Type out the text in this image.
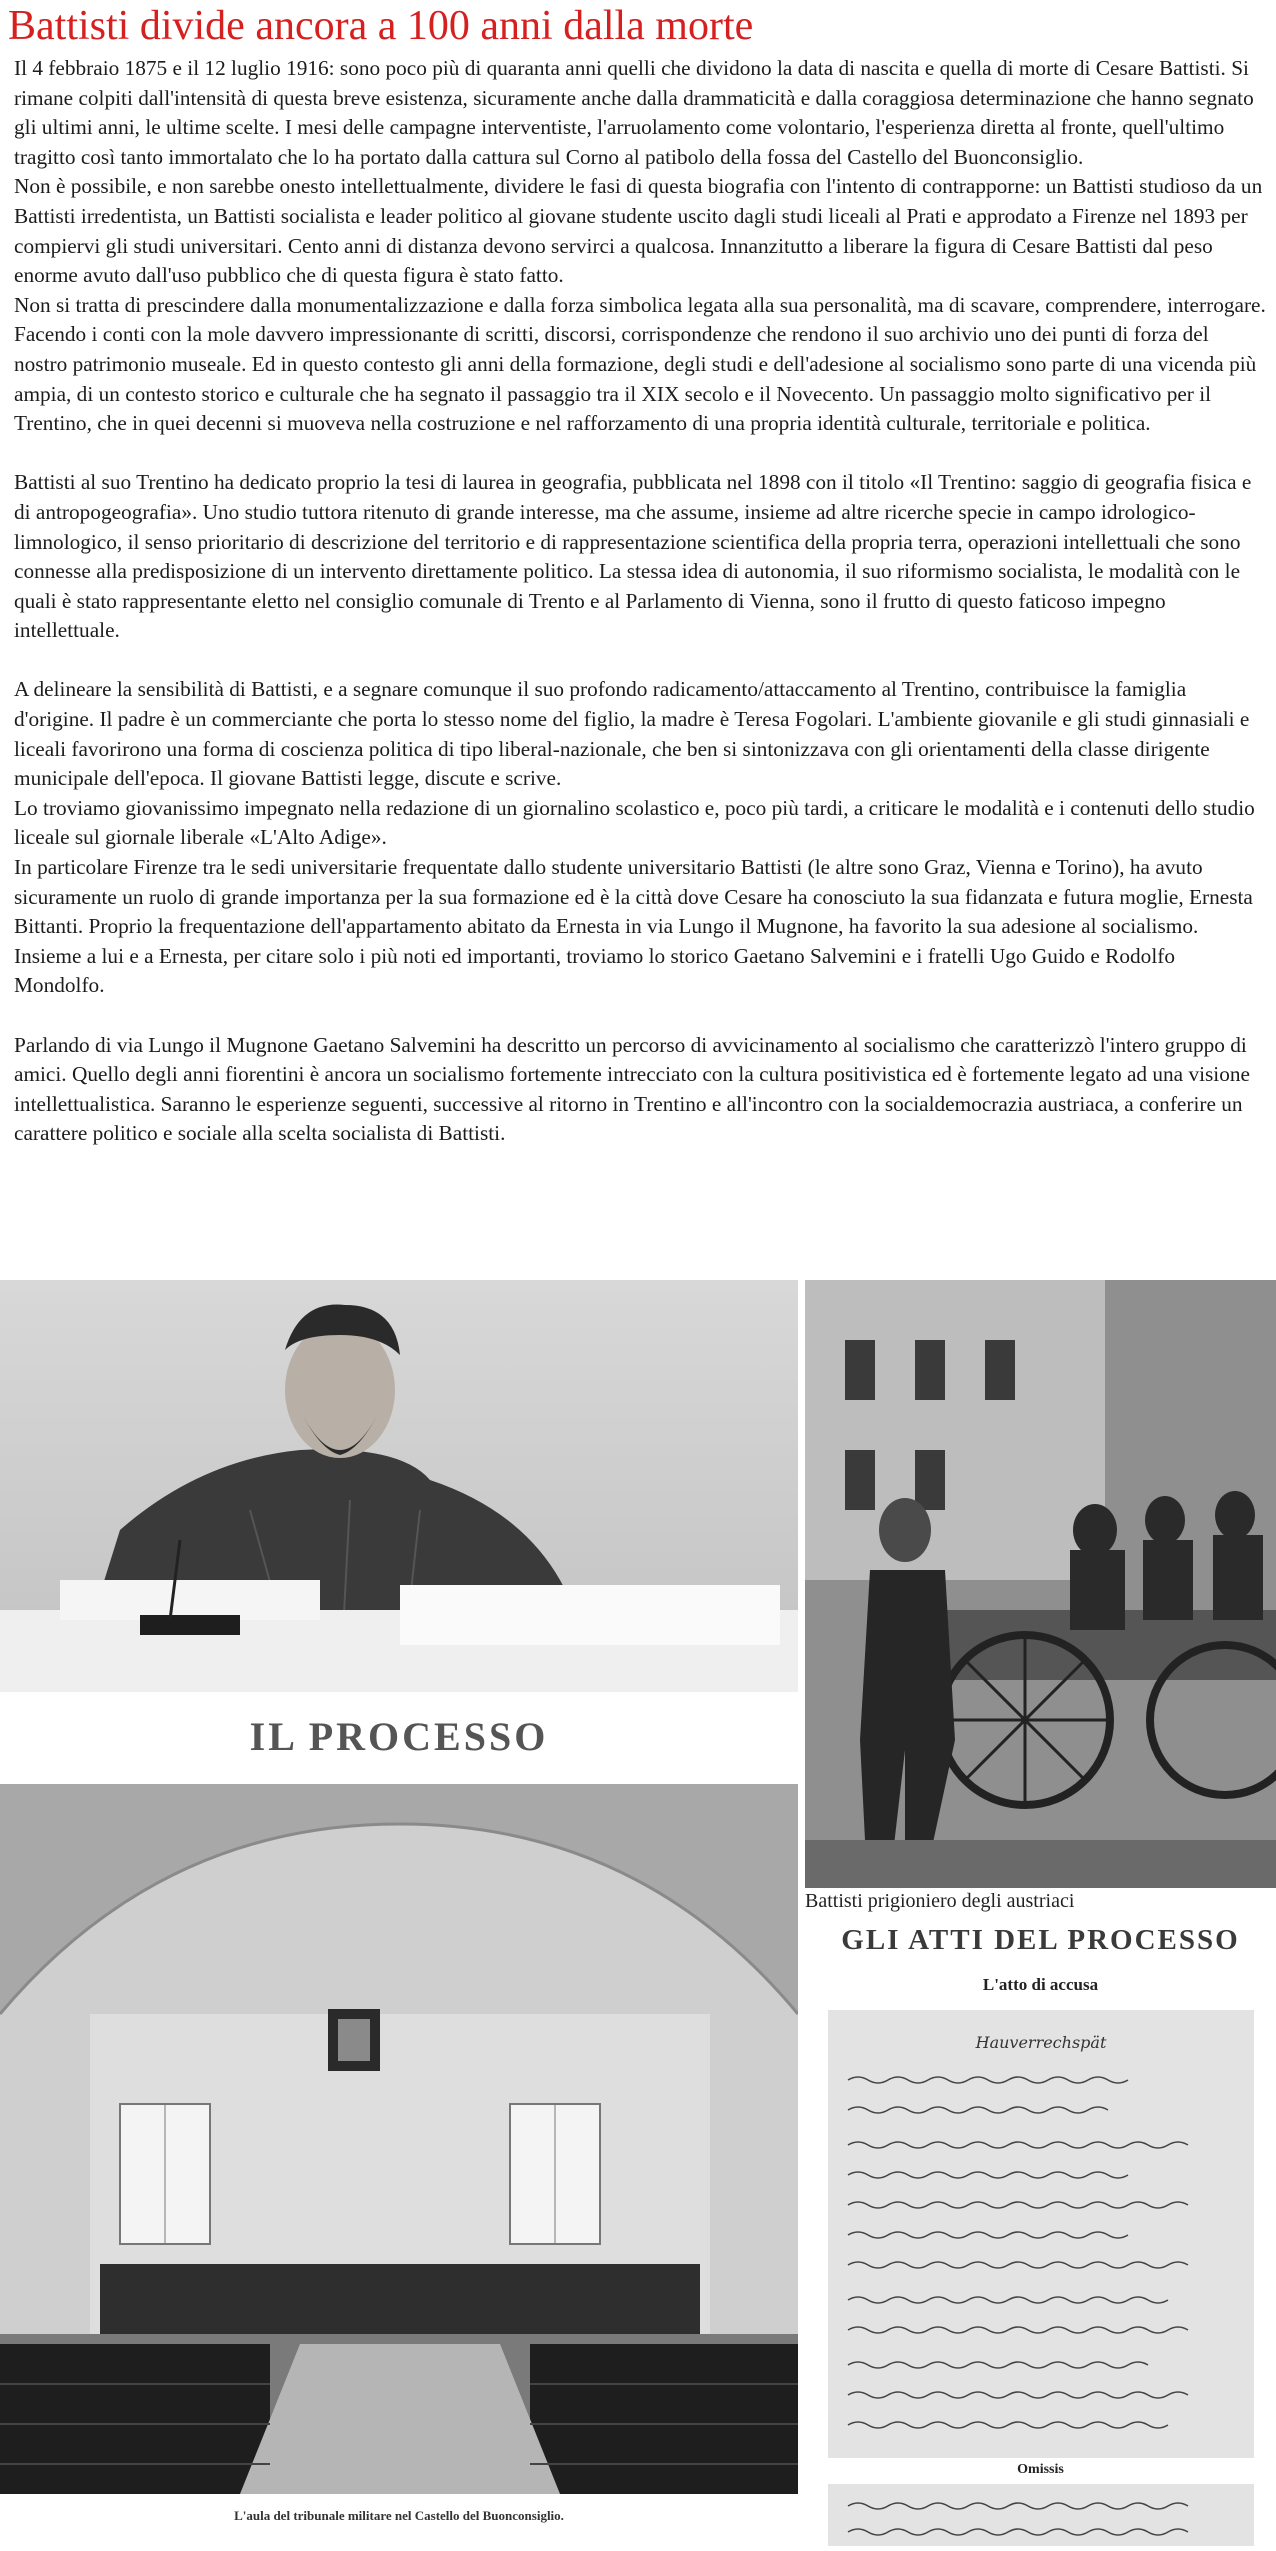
Battisti divide ancora a 100 anni dalla morte

Il 4 febbraio 1875 e il 12 luglio 1916: sono poco più di quaranta anni quelli che dividono la data di nascita e quella di morte di Cesare Battisti. Si rimane colpiti dall'intensità di questa breve esistenza, sicuramente anche dalla drammaticità e dalla coraggiosa determinazione che hanno segnato gli ultimi anni, le ultime scelte. I mesi delle campagne interventiste, l'arruolamento come volontario, l'esperienza diretta al fronte, quell'ultimo tragitto così tanto immortalato che lo ha portato dalla cattura sul Corno al patibolo della fossa del Castello del Buonconsiglio.

Non è possibile, e non sarebbe onesto intellettualmente, dividere le fasi di questa biografia con l'intento di contrapporne: un Battisti studioso da un Battisti irredentista, un Battisti socialista e leader politico al giovane studente uscito dagli studi liceali al Prati e approdato a Firenze nel 1893 per compiervi gli studi universitari. Cento anni di distanza devono servirci a qualcosa. Innanzitutto a liberare la figura di Cesare Battisti dal peso enorme avuto dall'uso pubblico che di questa figura è stato fatto.

Non si tratta di prescindere dalla monumentalizzazione e dalla forza simbolica legata alla sua personalità, ma di scavare, comprendere, interrogare. Facendo i conti con la mole davvero impressionante di scritti, discorsi, corrispondenze che rendono il suo archivio uno dei punti di forza del nostro patrimonio museale. Ed in questo contesto gli anni della formazione, degli studi e dell'adesione al socialismo sono parte di una vicenda più ampia, di un contesto storico e culturale che ha segnato il passaggio tra il XIX secolo e il Novecento. Un passaggio molto significativo per il Trentino, che in quei decenni si muoveva nella costruzione e nel rafforzamento di una propria identità culturale, territoriale e politica.

Battisti al suo Trentino ha dedicato proprio la tesi di laurea in geografia, pubblicata nel 1898 con il titolo «Il Trentino: saggio di geografia fisica e di antropogeografia». Uno studio tuttora ritenuto di grande interesse, ma che assume, insieme ad altre ricerche specie in campo idrologico-limnologico, il senso prioritario di descrizione del territorio e di rappresentazione scientifica della propria terra, operazioni intellettuali che sono connesse alla predisposizione di un intervento direttamente politico. La stessa idea di autonomia, il suo riformismo socialista, le modalità con le quali è stato rappresentante eletto nel consiglio comunale di Trento e al Parlamento di Vienna, sono il frutto di questo faticoso impegno intellettuale.

A delineare la sensibilità di Battisti, e a segnare comunque il suo profondo radicamento/attaccamento al Trentino, contribuisce la famiglia d'origine. Il padre è un commerciante che porta lo stesso nome del figlio, la madre è Teresa Fogolari. L'ambiente giovanile e gli studi ginnasiali e liceali favorirono una forma di coscienza politica di tipo liberal-nazionale, che ben si sintonizzava con gli orientamenti della classe dirigente municipale dell'epoca. Il giovane Battisti legge, discute e scrive.

Lo troviamo giovanissimo impegnato nella redazione di un giornalino scolastico e, poco più tardi, a criticare le modalità e i contenuti dello studio liceale sul giornale liberale «L'Alto Adige».

In particolare Firenze tra le sedi universitarie frequentate dallo studente universitario Battisti (le altre sono Graz, Vienna e Torino), ha avuto sicuramente un ruolo di grande importanza per la sua formazione ed è la città dove Cesare ha conosciuto la sua fidanzata e futura moglie, Ernesta Bittanti. Proprio la frequentazione dell'appartamento abitato da Ernesta in via Lungo il Mugnone, ha favorito la sua adesione al socialismo. Insieme a lui e a Ernesta, per citare solo i più noti ed importanti, troviamo lo storico Gaetano Salvemini e i fratelli Ugo Guido e Rodolfo Mondolfo.

Parlando di via Lungo il Mugnone Gaetano Salvemini ha descritto un percorso di avvicinamento al socialismo che caratterizzò l'intero gruppo di amici. Quello degli anni fiorentini è ancora un socialismo fortemente intrecciato con la cultura positivistica ed è fortemente legato ad una visione intellettualistica. Saranno le esperienze seguenti, successive al ritorno in Trentino e all'incontro con la socialdemocrazia austriaca, a conferire un carattere politico e sociale alla scelta socialista di Battisti.

IL PROCESSO
L'aula del tribunale militare nel Castello del Buonconsiglio.
Battisti prigioniero degli austriaci
GLI ATTI DEL PROCESSO
L'atto di accusa
Hauverrechspät
Omissis
